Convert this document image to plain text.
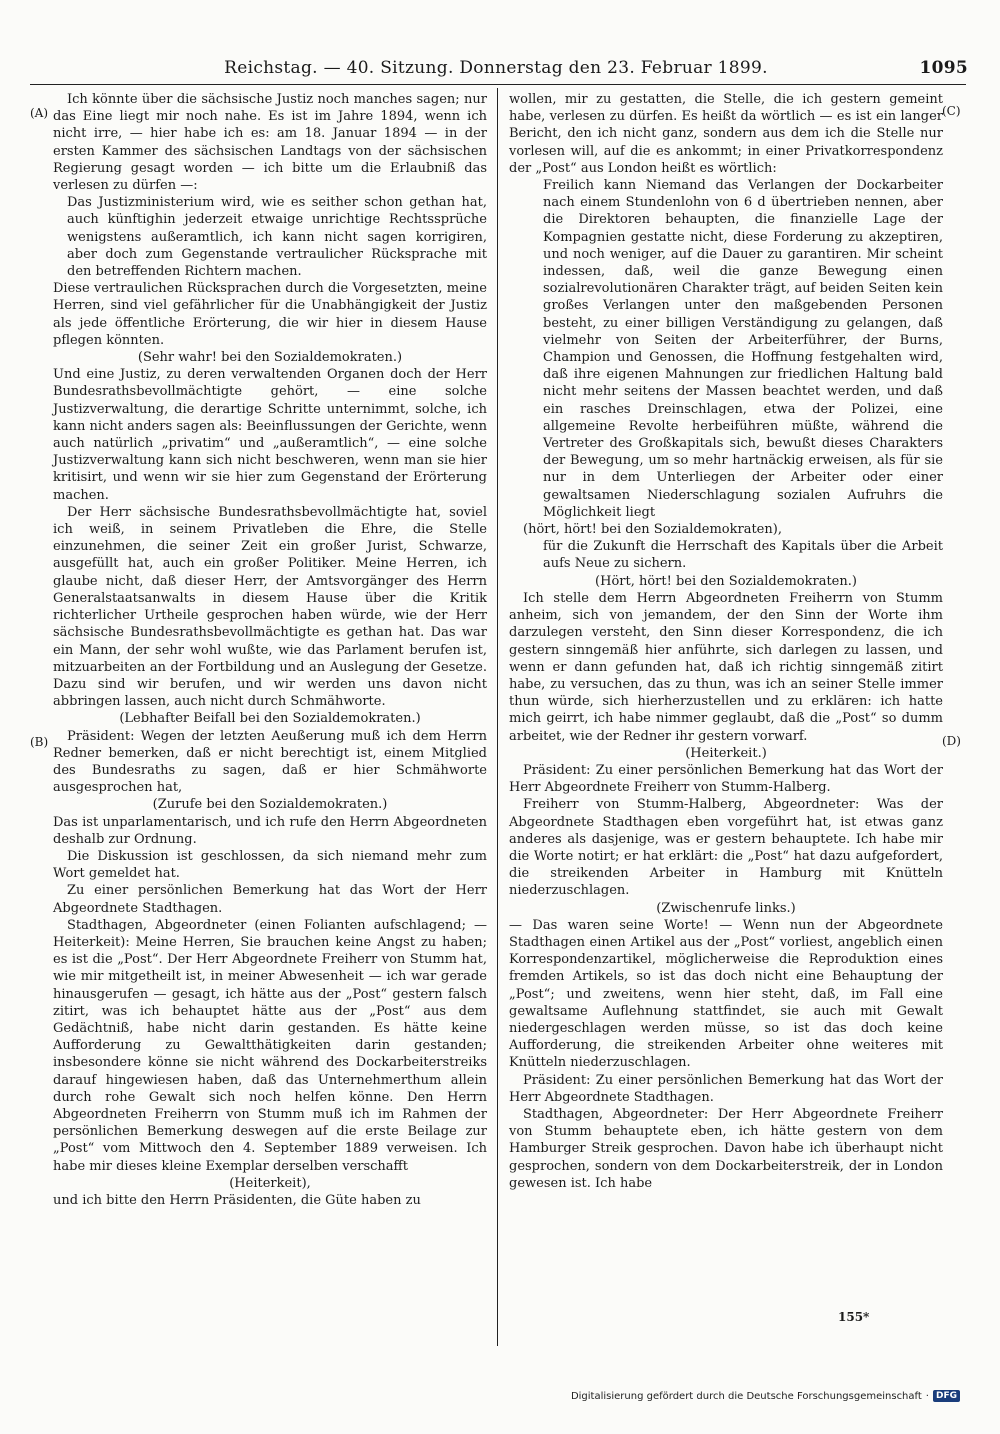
Reichstag. — 40. Sitzung. Donnerstag den 23. Februar 1899.	1095
(A)
(B)
(C)
(D)

Ich könnte über die sächsische Justiz noch manches sagen; nur das Eine liegt mir noch nahe. Es ist im Jahre 1894, wenn ich nicht irre, — hier habe ich es: am 18. Januar 1894 — in der ersten Kammer des sächsischen Landtags von der sächsischen Regierung gesagt worden — ich bitte um die Erlaubniß das verlesen zu dürfen —:

Das Justizministerium wird, wie es seither schon gethan hat, auch künftighin jederzeit etwaige unrichtige Rechtssprüche wenigstens außeramtlich, ich kann nicht sagen korrigiren, aber doch zum Gegenstande vertraulicher Rücksprache mit den betreffenden Richtern machen.

Diese vertraulichen Rücksprachen durch die Vorgesetzten, meine Herren, sind viel gefährlicher für die Unabhängigkeit der Justiz als jede öffentliche Erörterung, die wir hier in diesem Hause pflegen könnten.

(Sehr wahr! bei den Sozialdemokraten.)

Und eine Justiz, zu deren verwaltenden Organen doch der Herr Bundesrathsbevollmächtigte gehört, — eine solche Justizverwaltung, die derartige Schritte unternimmt, solche, ich kann nicht anders sagen als: Beeinflussungen der Gerichte, wenn auch natürlich „privatim“ und „außeramtlich“, — eine solche Justizverwaltung kann sich nicht beschweren, wenn man sie hier kritisirt, und wenn wir sie hier zum Gegenstand der Erörterung machen.

Der Herr sächsische Bundesrathsbevollmächtigte hat, soviel ich weiß, in seinem Privatleben die Ehre, die Stelle einzunehmen, die seiner Zeit ein großer Jurist, Schwarze, ausgefüllt hat, auch ein großer Politiker. Meine Herren, ich glaube nicht, daß dieser Herr, der Amtsvorgänger des Herrn Generalstaatsanwalts in diesem Hause über die Kritik richterlicher Urtheile gesprochen haben würde, wie der Herr sächsische Bundesrathsbevollmächtigte es gethan hat. Das war ein Mann, der sehr wohl wußte, wie das Parlament berufen ist, mitzuarbeiten an der Fortbildung und an Auslegung der Gesetze. Dazu sind wir berufen, und wir werden uns davon nicht abbringen lassen, auch nicht durch Schmähworte.

(Lebhafter Beifall bei den Sozialdemokraten.)

Präsident: Wegen der letzten Aeußerung muß ich dem Herrn Redner bemerken, daß er nicht berechtigt ist, einem Mitglied des Bundesraths zu sagen, daß er hier Schmähworte ausgesprochen hat,

(Zurufe bei den Sozialdemokraten.)

Das ist unparlamentarisch, und ich rufe den Herrn Abgeordneten deshalb zur Ordnung.

Die Diskussion ist geschlossen, da sich niemand mehr zum Wort gemeldet hat.

Zu einer persönlichen Bemerkung hat das Wort der Herr Abgeordnete Stadthagen.

Stadthagen, Abgeordneter (einen Folianten aufschlagend; — Heiterkeit): Meine Herren, Sie brauchen keine Angst zu haben; es ist die „Post“. Der Herr Abgeordnete Freiherr von Stumm hat, wie mir mitgetheilt ist, in meiner Abwesenheit — ich war gerade hinausgerufen — gesagt, ich hätte aus der „Post“ gestern falsch zitirt, was ich behauptet hätte aus der „Post“ aus dem Gedächtniß, habe nicht darin gestanden. Es hätte keine Aufforderung zu Gewaltthätigkeiten darin gestanden; insbesondere könne sie nicht während des Dockarbeiterstreiks darauf hingewiesen haben, daß das Unternehmerthum allein durch rohe Gewalt sich noch helfen könne. Den Herrn Abgeordneten Freiherrn von Stumm muß ich im Rahmen der persönlichen Bemerkung deswegen auf die erste Beilage zur „Post“ vom Mittwoch den 4. September 1889 verweisen. Ich habe mir dieses kleine Exemplar derselben verschafft

(Heiterkeit),

und ich bitte den Herrn Präsidenten, die Güte haben zu

wollen, mir zu gestatten, die Stelle, die ich gestern gemeint habe, verlesen zu dürfen. Es heißt da wörtlich — es ist ein langer Bericht, den ich nicht ganz, sondern aus dem ich die Stelle nur vorlesen will, auf die es ankommt; in einer Privatkorrespondenz der „Post“ aus London heißt es wörtlich:

Freilich kann Niemand das Verlangen der Dockarbeiter nach einem Stundenlohn von 6 d übertrieben nennen, aber die Direktoren behaupten, die finanzielle Lage der Kompagnien gestatte nicht, diese Forderung zu akzeptiren, und noch weniger, auf die Dauer zu garantiren. Mir scheint indessen, daß, weil die ganze Bewegung einen sozialrevolutionären Charakter trägt, auf beiden Seiten kein großes Verlangen unter den maßgebenden Personen besteht, zu einer billigen Verständigung zu gelangen, daß vielmehr von Seiten der Arbeiterführer, der Burns, Champion und Genossen, die Hoffnung festgehalten wird, daß ihre eigenen Mahnungen zur friedlichen Haltung bald nicht mehr seitens der Massen beachtet werden, und daß ein rasches Dreinschlagen, etwa der Polizei, eine allgemeine Revolte herbeiführen müßte, während die Vertreter des Großkapitals sich, bewußt dieses Charakters der Bewegung, um so mehr hartnäckig erweisen, als für sie nur in dem Unterliegen der Arbeiter oder einer gewaltsamen Niederschlagung sozialen Aufruhrs die Möglichkeit liegt

(hört, hört! bei den Sozialdemokraten),

für die Zukunft die Herrschaft des Kapitals über die Arbeit aufs Neue zu sichern.

(Hört, hört! bei den Sozialdemokraten.)

Ich stelle dem Herrn Abgeordneten Freiherrn von Stumm anheim, sich von jemandem, der den Sinn der Worte ihm darzulegen versteht, den Sinn dieser Korrespondenz, die ich gestern sinngemäß hier anführte, sich darlegen zu lassen, und wenn er dann gefunden hat, daß ich richtig sinngemäß zitirt habe, zu versuchen, das zu thun, was ich an seiner Stelle immer thun würde, sich hierherzustellen und zu erklären: ich hatte mich geirrt, ich habe nimmer geglaubt, daß die „Post“ so dumm arbeitet, wie der Redner ihr gestern vorwarf.

(Heiterkeit.)

Präsident: Zu einer persönlichen Bemerkung hat das Wort der Herr Abgeordnete Freiherr von Stumm-Halberg.

Freiherr von Stumm-Halberg, Abgeordneter: Was der Abgeordnete Stadthagen eben vorgeführt hat, ist etwas ganz anderes als dasjenige, was er gestern behauptete. Ich habe mir die Worte notirt; er hat erklärt: die „Post“ hat dazu aufgefordert, die streikenden Arbeiter in Hamburg mit Knütteln niederzuschlagen.

(Zwischenrufe links.)

— Das waren seine Worte! — Wenn nun der Abgeordnete Stadthagen einen Artikel aus der „Post“ vorliest, angeblich einen Korrespondenzartikel, möglicherweise die Reproduktion eines fremden Artikels, so ist das doch nicht eine Behauptung der „Post“; und zweitens, wenn hier steht, daß, im Fall eine gewaltsame Auflehnung stattfindet, sie auch mit Gewalt niedergeschlagen werden müsse, so ist das doch keine Aufforderung, die streikenden Arbeiter ohne weiteres mit Knütteln niederzuschlagen.

Präsident: Zu einer persönlichen Bemerkung hat das Wort der Herr Abgeordnete Stadthagen.

Stadthagen, Abgeordneter: Der Herr Abgeordnete Freiherr von Stumm behauptete eben, ich hätte gestern von dem Hamburger Streik gesprochen. Davon habe ich überhaupt nicht gesprochen, sondern von dem Dockarbeiterstreik, der in London gewesen ist. Ich habe

155*
Digitalisierung gefördert durch die Deutsche Forschungsgemeinschaft · DFG
